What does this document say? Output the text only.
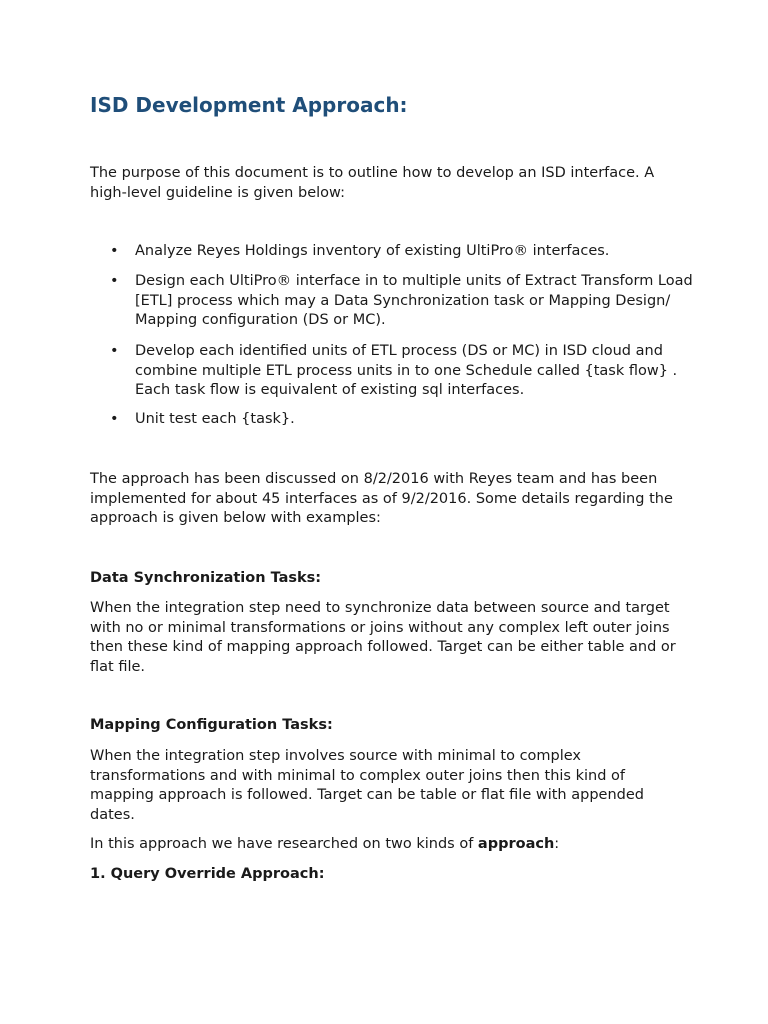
ISD Development Approach:

The purpose of this document is to outline how to develop an ISD interface. A high-level guideline is given below:

•	Analyze Reyes Holdings inventory of existing UltiPro® interfaces.
•	Design each UltiPro® interface in to multiple units of Extract Transform Load [ETL] process which may a Data Synchronization task or Mapping Design/ Mapping configuration (DS or MC).
•	Develop each identified units of ETL process (DS or MC) in ISD cloud and combine multiple ETL process units in to one Schedule called {task flow} . Each task flow is equivalent of existing sql interfaces.
•	Unit test each {task}.

The approach has been discussed on 8/2/2016 with Reyes team and has been implemented for about 45 interfaces as of 9/2/2016. Some details regarding the approach is given below with examples:

Data Synchronization Tasks:

When the integration step need to synchronize data between source and target with no or minimal transformations or joins without any complex left outer joins then these kind of mapping approach followed. Target can be either table and or flat file.

Mapping Configuration Tasks:

When the integration step involves source with minimal to complex transformations and with minimal to complex outer joins then this kind of mapping approach is followed. Target can be table or flat file with appended dates.

In this approach we have researched on two kinds of approach:

1. Query Override Approach:
